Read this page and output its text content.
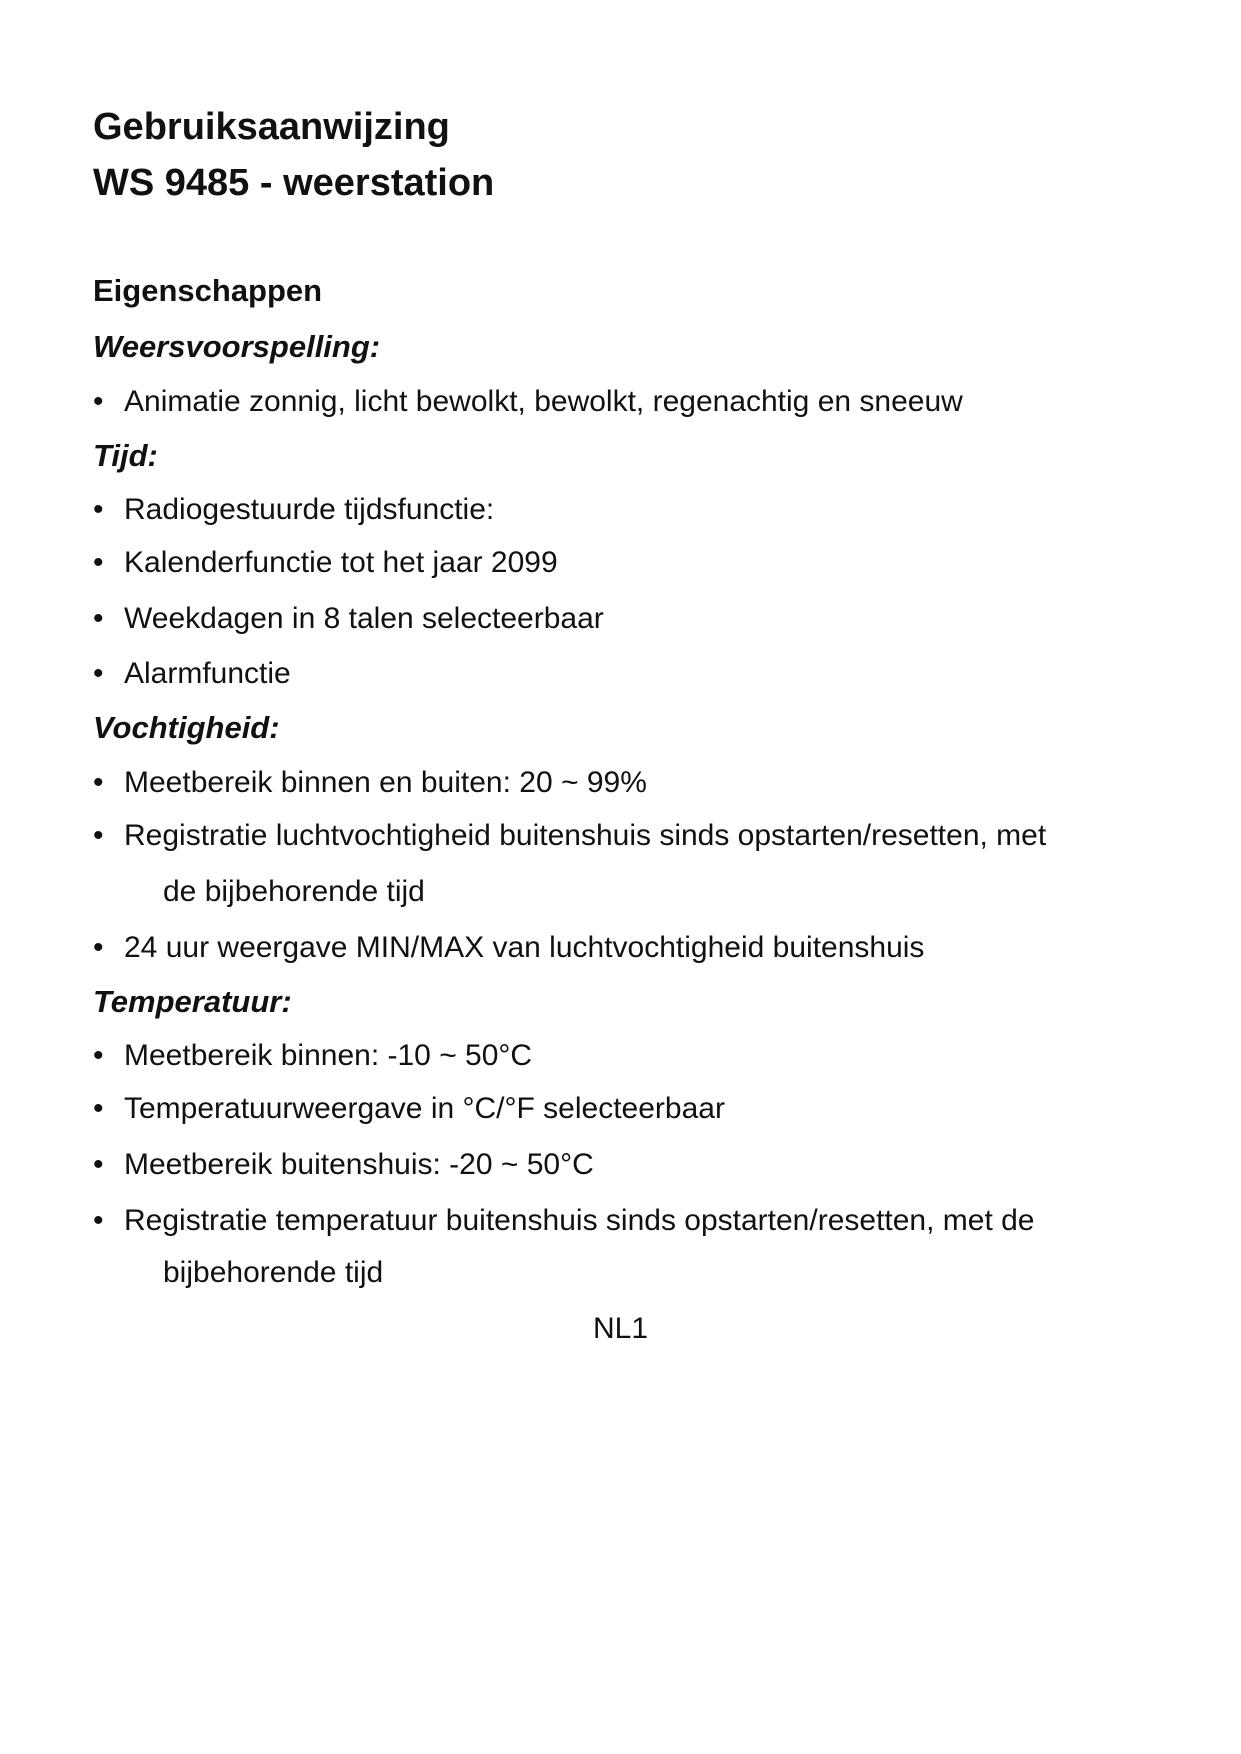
Gebruiksaanwijzing
WS 9485 - weerstation
Eigenschappen
Weersvoorspelling:
• Animatie zonnig, licht bewolkt, bewolkt, regenachtig en sneeuw
Tijd:
• Radiogestuurde tijdsfunctie:
• Kalenderfunctie tot het jaar 2099
• Weekdagen in 8 talen selecteerbaar
• Alarmfunctie
Vochtigheid:
• Meetbereik binnen en buiten: 20 ~ 99%
• Registratie luchtvochtigheid buitenshuis sinds opstarten/resetten, met
de bijbehorende tijd
• 24 uur weergave MIN/MAX van luchtvochtigheid buitenshuis
Temperatuur:
• Meetbereik binnen: -10 ~ 50°C
• Temperatuurweergave in °C/°F selecteerbaar
• Meetbereik buitenshuis: -20 ~ 50°C
• Registratie temperatuur buitenshuis sinds opstarten/resetten, met de
bijbehorende tijd
NL1
